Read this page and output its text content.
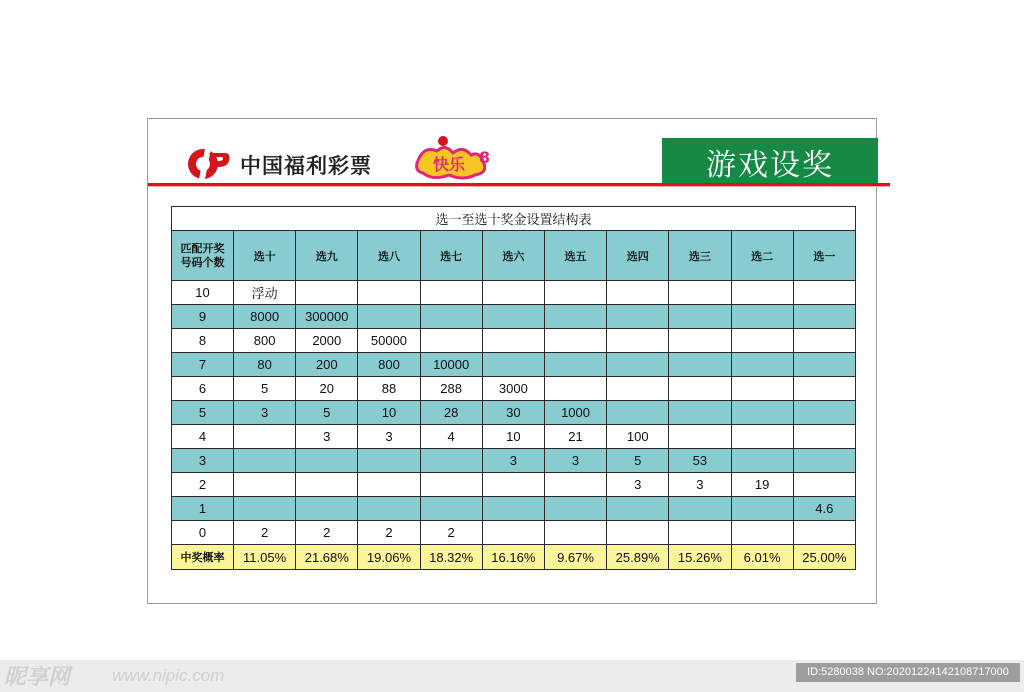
中国福利彩票	快乐 8	游戏设奖
选一至选十奖金设置结构表										
匹配开奖号码个数	选十	选九	选八	选七	选六	选五	选四	选三	选二	选一
10	浮动									
9	8000	300000								
8	800	2000	50000							
7	80	200	800	10000						
6	5	20	88	288	3000					
5	3	5	10	28	30	1000				
4		3	3	4	10	21	100			
3					3	3	5	53		
2							3	3	19	
1										4.6
0	2	2	2	2						
中奖概率	11.05%	21.68%	19.06%	18.32%	16.16%	9.67%	25.89%	15.26%	6.01%	25.00%
昵享网 www.nipic.com	ID:5280038 NO:20201224142108717000
